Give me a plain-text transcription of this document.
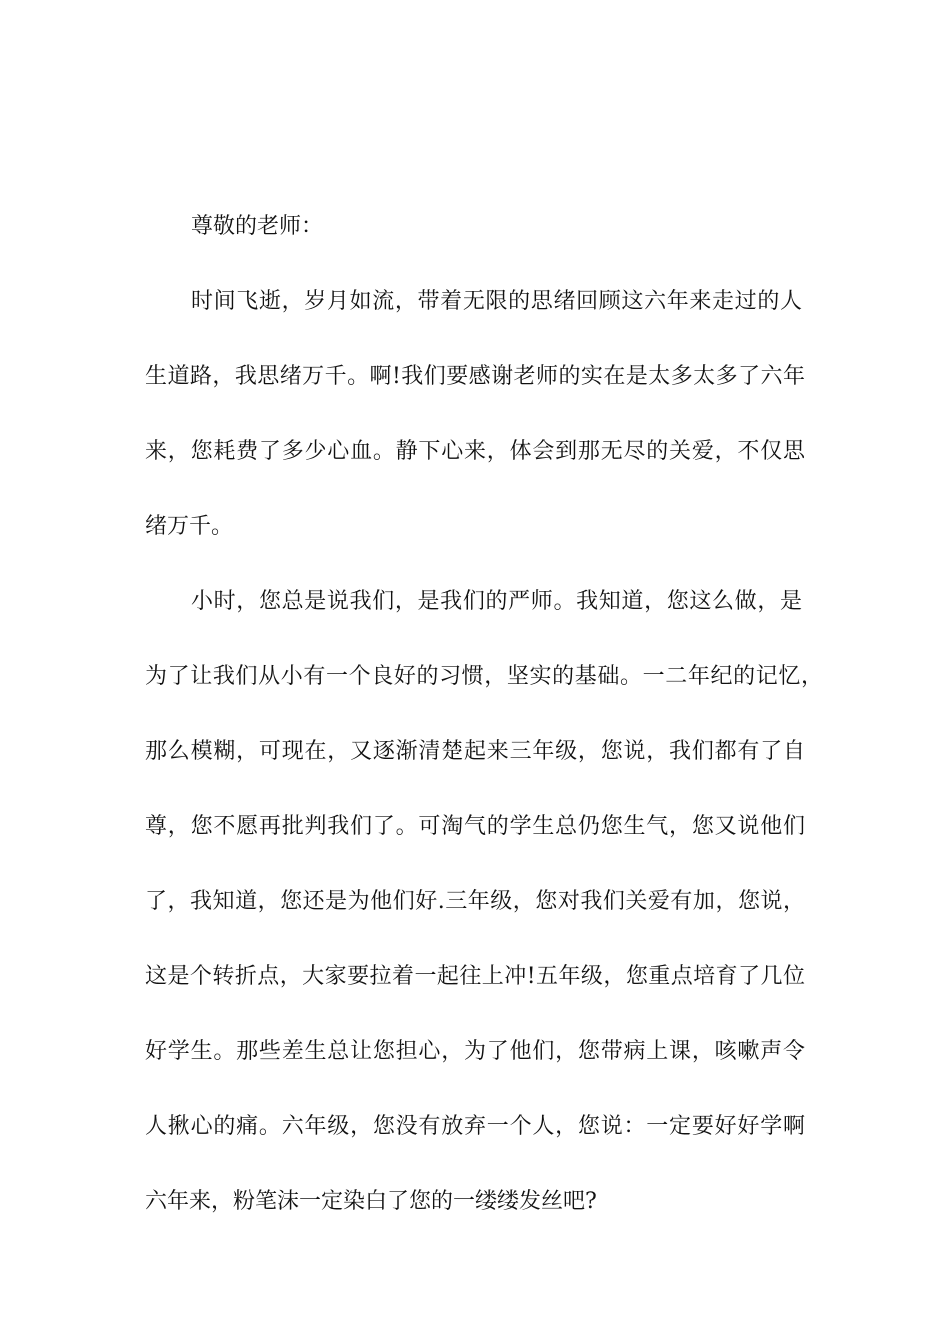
尊敬的老师：
时间飞逝，岁月如流，带着无限的思绪回顾这六年来走过的人
生道路，我思绪万千。啊!我们要感谢老师的实在是太多太多了六年
来，您耗费了多少心血。静下心来，体会到那无尽的关爱，不仅思
绪万千。
小时，您总是说我们，是我们的严师。我知道，您这么做，是
为了让我们从小有一个良好的习惯，坚实的基础。一二年纪的记忆，
那么模糊，可现在，又逐渐清楚起来三年级，您说，我们都有了自
尊，您不愿再批判我们了。可淘气的学生总仍您生气，您又说他们
了，我知道，您还是为他们好.三年级，您对我们关爱有加，您说，
这是个转折点，大家要拉着一起往上冲!五年级，您重点培育了几位
好学生。那些差生总让您担心，为了他们，您带病上课，咳嗽声令
人揪心的痛。六年级，您没有放弃一个人，您说：一定要好好学啊
六年来，粉笔沫一定染白了您的一缕缕发丝吧?
